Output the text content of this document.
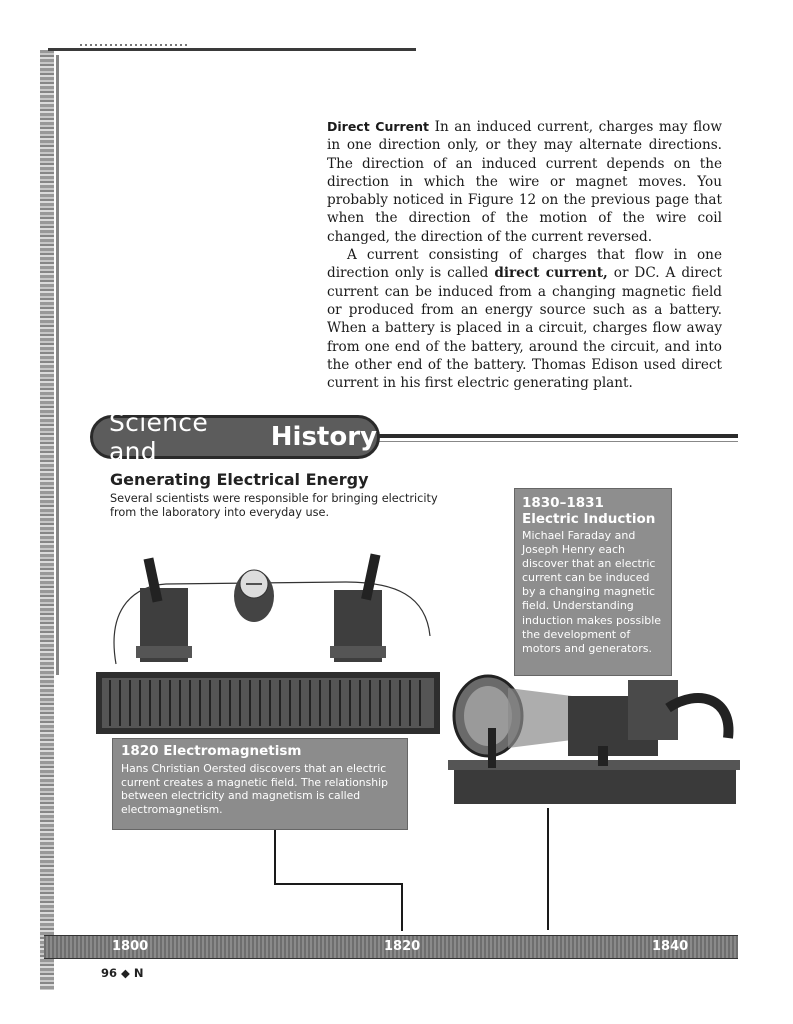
Direct Current In an induced current, charges may flow in one direction only, or they may alternate directions. The direction of an induced current depends on the direction in which the wire or magnet moves. You probably noticed in Figure 12 on the previous page that when the direction of the motion of the wire coil changed, the direction of the current reversed.

A current consisting of charges that flow in one direction only is called direct current, or DC. A direct current can be induced from a changing magnetic field or produced from an energy source such as a battery. When a battery is placed in a circuit, charges flow away from one end of the battery, around the circuit, and into the other end of the battery. Thomas Edison used direct current in his first electric generating plant.

Science and	History
Generating Electrical Energy
Several scientists were responsible for bringing electricity from the laboratory into everyday use.
1820 Electromagnetism
Hans Christian Oersted discovers that an electric current creates a magnetic field. The relationship between electricity and magnetism is called electromagnetism.
1830–1831 Electric Induction
Michael Faraday and Joseph Henry each discover that an electric current can be induced by a changing magnetic field. Understanding induction makes possible the development of motors and generators.
1800	1820	1840
96 ◆ N
